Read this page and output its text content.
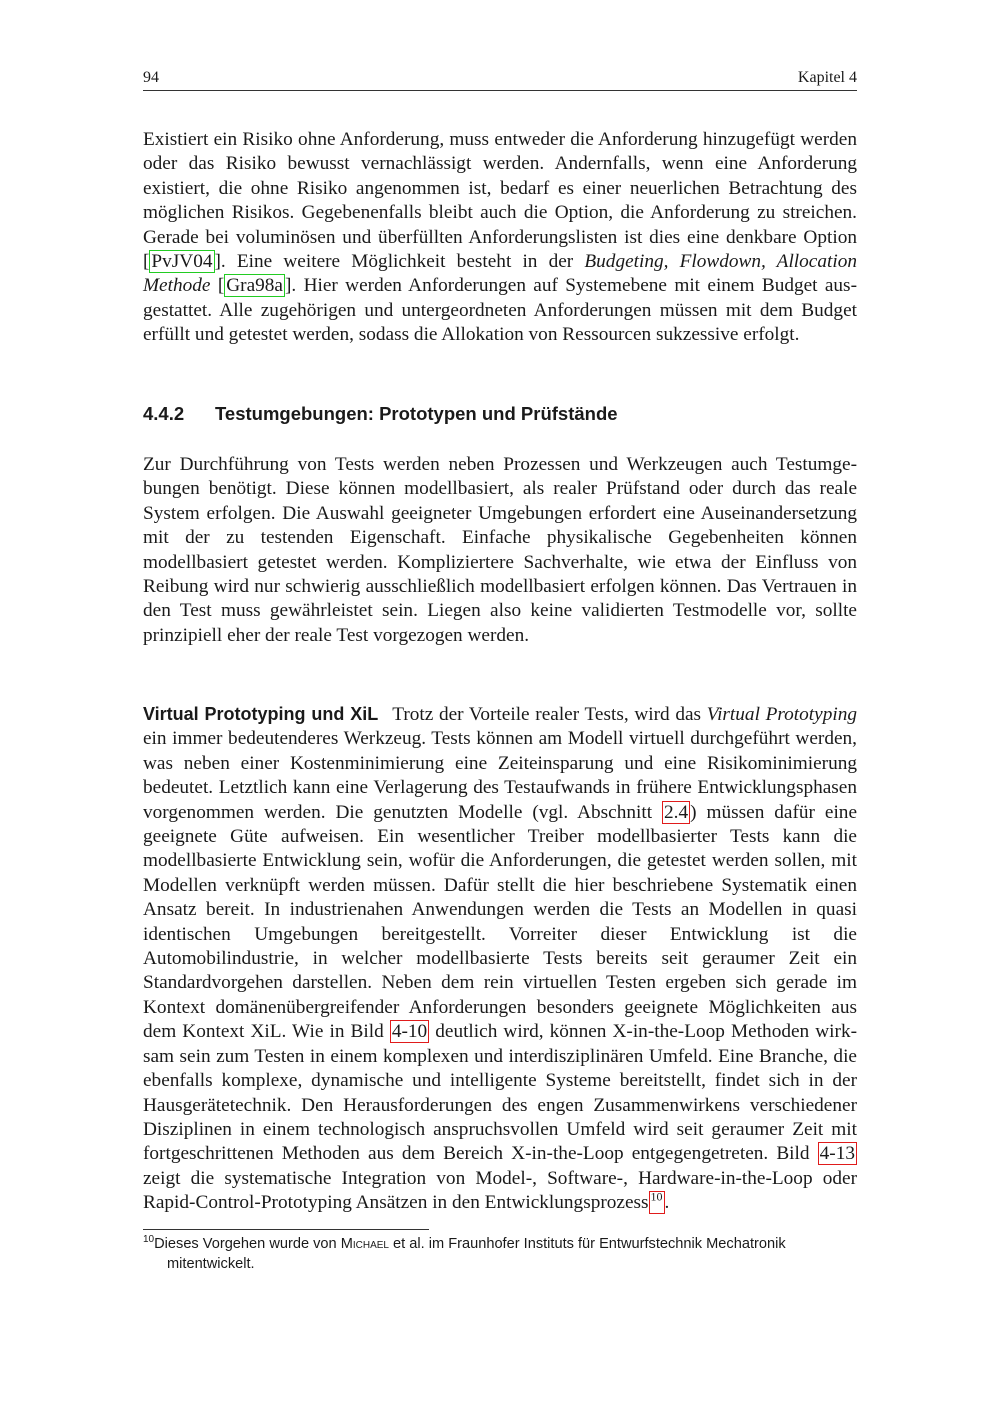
94	Kapitel 4

Existiert ein Risiko ohne Anforderung, muss entweder die Anforderung hinzugefügt werden oder das Risiko bewusst vernachlässigt werden. Andernfalls, wenn eine Anforderung existiert, die ohne Risiko angenommen ist, bedarf es einer neuerlichen Betrachtung des möglichen Risikos. Gegebenenfalls bleibt auch die Option, die Anforderung zu streichen. Gerade bei voluminösen und überfüllten Anforderungslisten ist dies eine denkbare Option [ PvJV04 ]. Eine weitere Möglichkeit besteht in der Budgeting, Flowdown, Allocation Methode [ Gra98a ]. Hier werden Anforderungen auf Systemebene mit einem Budget ausgestattet. Alle zugehörigen und untergeordneten Anforderungen müssen mit dem Budget erfüllt und getestet werden, sodass die Allokation von Ressourcen sukzessive erfolgt.

4.4.2 Testumgebungen: Prototypen und Prüfstände

Zur Durchführung von Tests werden neben Prozessen und Werkzeugen auch Testumgebungen benötigt. Diese können modellbasiert, als realer Prüfstand oder durch das reale System erfolgen. Die Auswahl geeigneter Umgebungen erfordert eine Auseinandersetzung mit der zu testenden Eigenschaft. Einfache physikalische Gegebenheiten können modellbasiert getestet werden. Kompliziertere Sachverhalte, wie etwa der Einfluss von Reibung wird nur schwierig ausschließlich modellbasiert erfolgen können. Das Vertrauen in den Test muss gewährleistet sein. Liegen also keine validierten Testmodelle vor, sollte prinzipiell eher der reale Test vorgezogen werden.

Virtual Prototyping und XiL Trotz der Vorteile realer Tests, wird das Virtual Prototyping ein immer bedeutenderes Werkzeug. Tests können am Modell virtuell durchgeführt werden, was neben einer Kostenminimierung eine Zeiteinsparung und eine Risikominimierung bedeutet. Letztlich kann eine Verlagerung des Testaufwands in frühere Entwicklungsphasen vorgenommen werden. Die genutzten Modelle (vgl. Abschnitt 2.4 ) müssen dafür eine geeignete Güte aufweisen. Ein wesentlicher Treiber modellbasierter Tests kann die modellbasierte Entwicklung sein, wofür die Anforderungen, die getestet werden sollen, mit Modellen verknüpft werden müssen. Dafür stellt die hier beschriebene Systematik einen Ansatz bereit. In industrienahen Anwendungen werden die Tests an Modellen in quasi identischen Umgebungen bereitgestellt. Vorreiter dieser Entwicklung ist die Automobilindustrie, in welcher modellbasierte Tests bereits seit geraumer Zeit ein Standardvorgehen darstellen. Neben dem rein virtuellen Testen ergeben sich gerade im Kontext domänenübergreifender Anforderungen besonders geeignete Möglichkeiten aus dem Kontext XiL. Wie in Bild 4-10 deutlich wird, können X-in-the-Loop Methoden wirksam sein zum Testen in einem komplexen und interdisziplinären Umfeld. Eine Branche, die ebenfalls komplexe, dynamische und intelligente Systeme bereitstellt, findet sich in der Hausgerätetechnik. Den Herausforderungen des engen Zusammenwirkens verschiedener Disziplinen in einem technologisch anspruchsvollen Umfeld wird seit geraumer Zeit mit fortgeschrittenen Methoden aus dem Bereich X-in-the-Loop entgegengetreten. Bild 4-13 zeigt die systematische Integration von Model-, Software-, Hardware-in-the-Loop oder Rapid-Control-Prototyping Ansätzen in den Entwicklungsprozess $^{10}$ .

$^{10}$Dieses Vorgehen wurde von Michael et al. im Fraunhofer Instituts für Entwurfstechnik Mechatronik
mitentwickelt.
